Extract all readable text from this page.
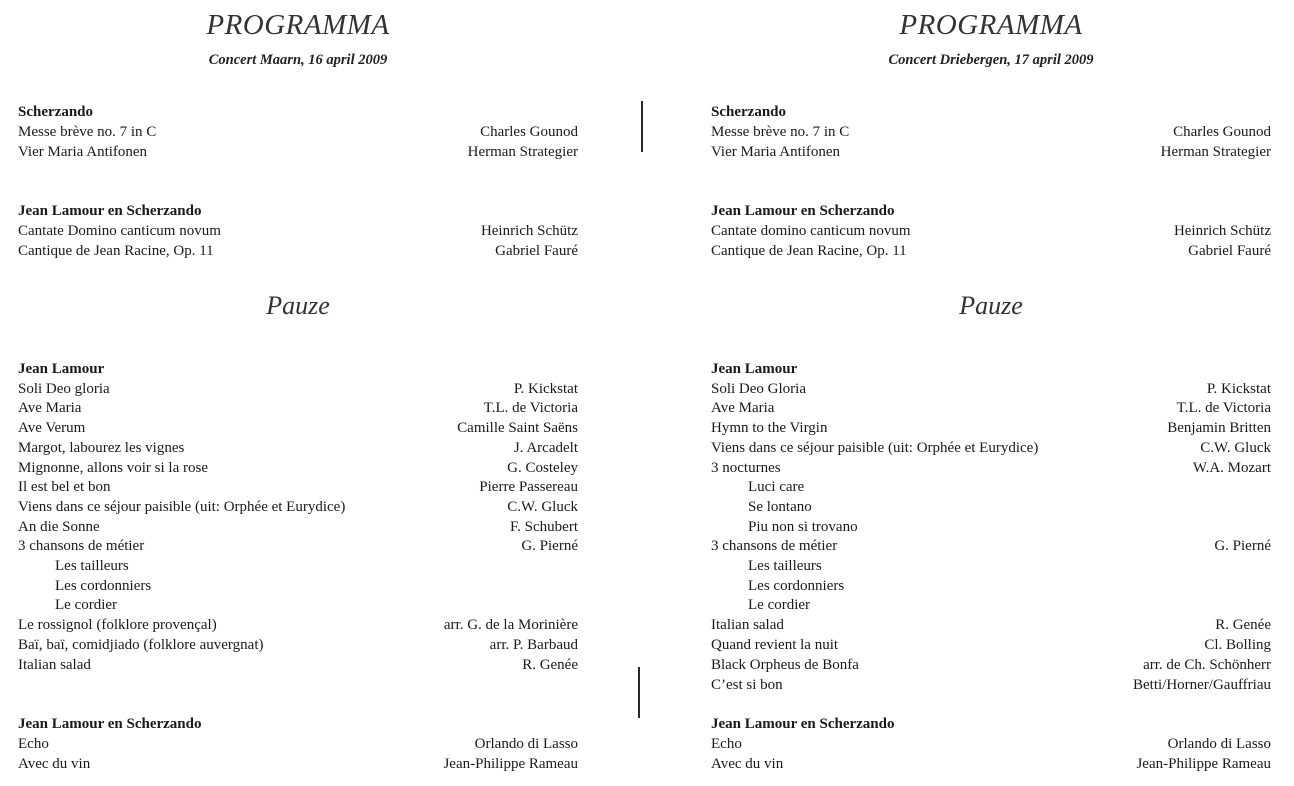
PROGRAMMA
Concert Maarn, 16 april 2009
Pauze
Scherzando
Messe brève no. 7 in C	Charles Gounod
Vier Maria Antifonen	Herman Strategier
Jean Lamour en Scherzando
Cantate Domino canticum novum	Heinrich Schütz
Cantique de Jean Racine, Op. 11	Gabriel Fauré
Jean Lamour
Soli Deo gloria	P. Kickstat
Ave Maria	T.L. de Victoria
Ave Verum	Camille Saint Saëns
Margot, labourez les vignes	J. Arcadelt
Mignonne, allons voir si la rose	G. Costeley
Il est bel et bon	Pierre Passereau
Viens dans ce séjour paisible (uit: Orphée et Eurydice)	C.W. Gluck
An die Sonne	F. Schubert
3 chansons de métier	G. Pierné
Les tailleurs
Les cordonniers
Le cordier
Le rossignol (folklore provençal)	arr. G. de la Morinière
Baï, baï, comidjiado (folklore auvergnat)	arr. P. Barbaud
Italian salad	R. Genée
Jean Lamour en Scherzando
Echo	Orlando di Lasso
Avec du vin	Jean-Philippe Rameau
PROGRAMMA
Concert Driebergen, 17 april 2009
Pauze
Scherzando
Messe brève no. 7 in C	Charles Gounod
Vier Maria Antifonen	Herman Strategier
Jean Lamour en Scherzando
Cantate domino canticum novum	Heinrich Schütz
Cantique de Jean Racine, Op. 11	Gabriel Fauré
Jean Lamour
Soli Deo Gloria	P. Kickstat
Ave Maria	T.L. de Victoria
Hymn to the Virgin	Benjamin Britten
Viens dans ce séjour paisible (uit: Orphée et Eurydice)	C.W. Gluck
3 nocturnes	W.A. Mozart
Luci care
Se lontano
Piu non si trovano
3 chansons de métier	G. Pierné
Les tailleurs
Les cordonniers
Le cordier
Italian salad	R. Genée
Quand revient la nuit	Cl. Bolling
Black Orpheus de Bonfa	arr. de Ch. Schönherr
C’est si bon	Betti/Horner/Gauffriau
Jean Lamour en Scherzando
Echo	Orlando di Lasso
Avec du vin	Jean-Philippe Rameau
